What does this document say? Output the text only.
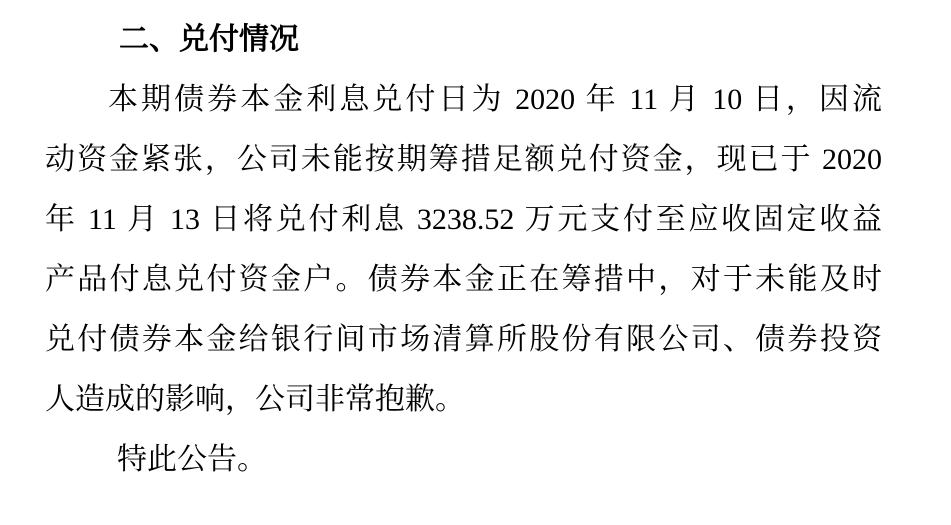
二、兑付情况
本期债券本金利息兑付日为 2020 年 11 月 10 日，因流
动资金紧张，公司未能按期筹措足额兑付资金，现已于 2020
年 11 月 13 日将兑付利息 3238.52 万元支付至应收固定收益
产品付息兑付资金户。债券本金正在筹措中，对于未能及时
兑付债券本金给银行间市场清算所股份有限公司、债券投资
人造成的影响，公司非常抱歉。
特此公告。
